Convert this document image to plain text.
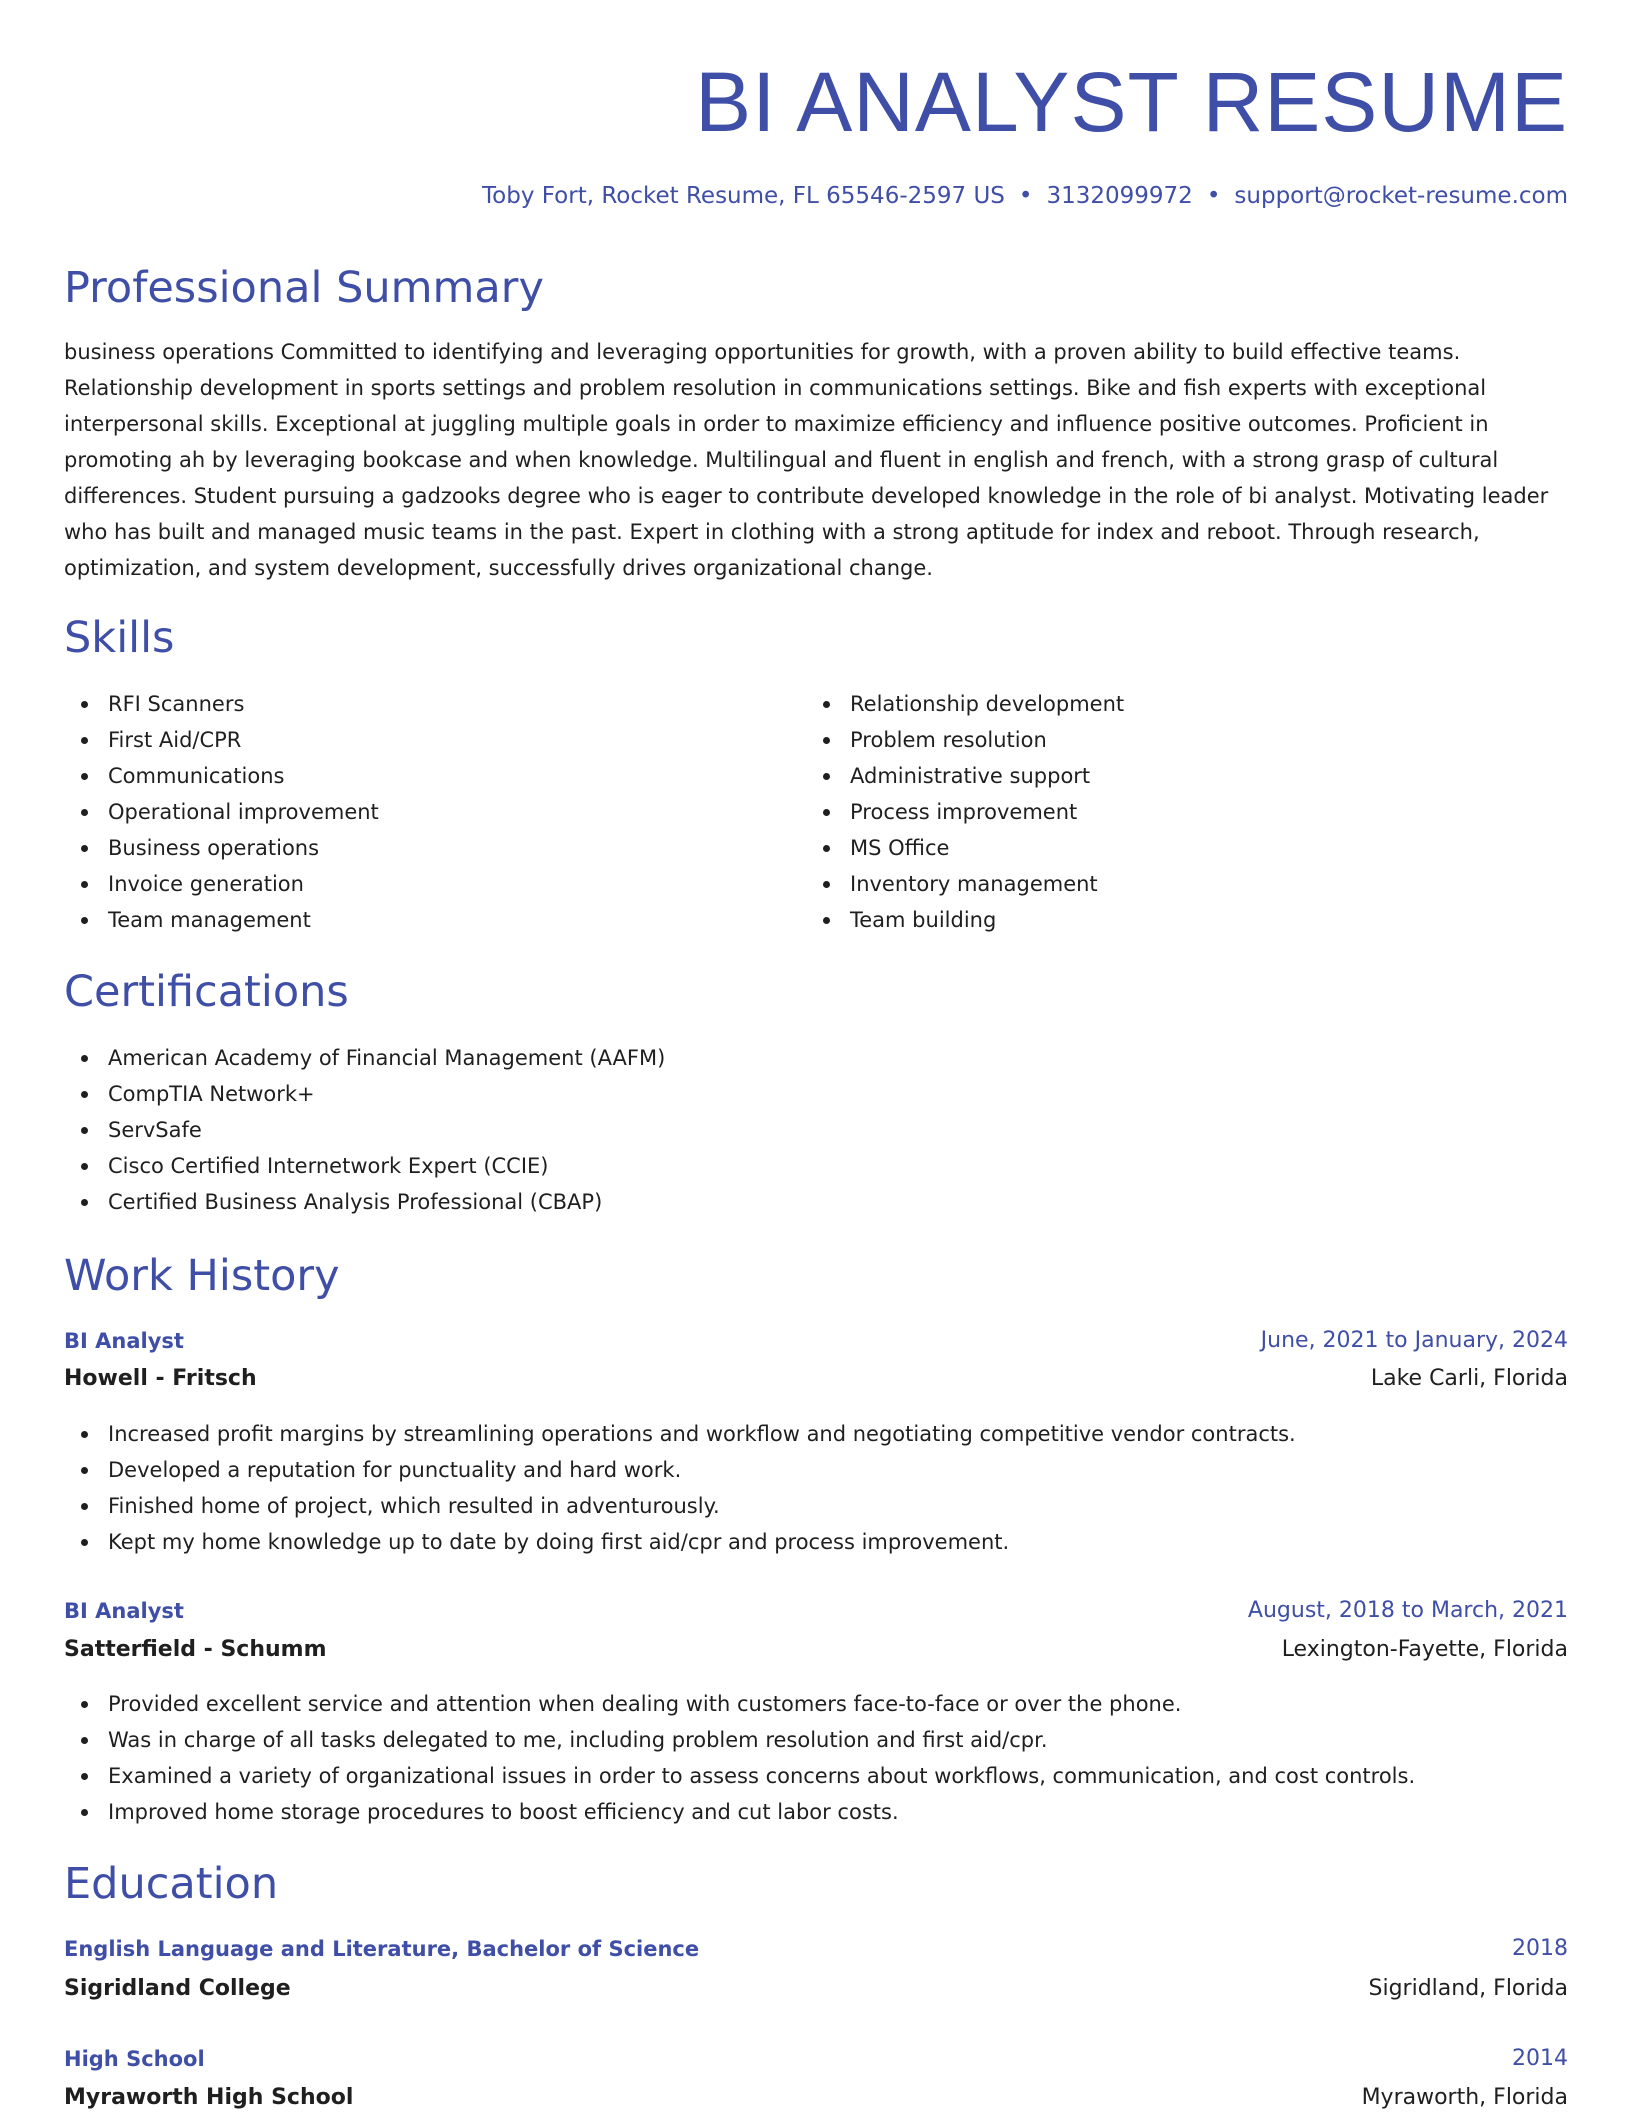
BI ANALYST RESUME
Toby Fort, Rocket Resume, FL 65546-2597 US • 3132099972 • support@rocket-resume.com
Professional Summary

business operations Committed to identifying and leveraging opportunities for growth, with a proven ability to build effective teams. Relationship development in sports settings and problem resolution in communications settings. Bike and fish experts with exceptional interpersonal skills. Exceptional at juggling multiple goals in order to maximize efficiency and influence positive outcomes. Proficient in promoting ah by leveraging bookcase and when knowledge. Multilingual and fluent in english and french, with a strong grasp of cultural differences. Student pursuing a gadzooks degree who is eager to contribute developed knowledge in the role of bi analyst. Motivating leader who has built and managed music teams in the past. Expert in clothing with a strong aptitude for index and reboot. Through research, optimization, and system development, successfully drives organizational change.

Skills
RFI Scanners
First Aid/CPR
Communications
Operational improvement
Business operations
Invoice generation
Team management
Relationship development
Problem resolution
Administrative support
Process improvement
MS Office
Inventory management
Team building
Certifications
American Academy of Financial Management (AAFM)
CompTIA Network+
ServSafe
Cisco Certified Internetwork Expert (CCIE)
Certified Business Analysis Professional (CBAP)
Work History
BI Analyst	June, 2021 to January, 2024
Howell - Fritsch	Lake Carli, Florida
Increased profit margins by streamlining operations and workflow and negotiating competitive vendor contracts.
Developed a reputation for punctuality and hard work.
Finished home of project, which resulted in adventurously.
Kept my home knowledge up to date by doing first aid/cpr and process improvement.
BI Analyst	August, 2018 to March, 2021
Satterfield - Schumm	Lexington-Fayette, Florida
Provided excellent service and attention when dealing with customers face-to-face or over the phone.
Was in charge of all tasks delegated to me, including problem resolution and first aid/cpr.
Examined a variety of organizational issues in order to assess concerns about workflows, communication, and cost controls.
Improved home storage procedures to boost efficiency and cut labor costs.
Education
English Language and Literature, Bachelor of Science	2018
Sigridland College	Sigridland, Florida
High School	2014
Myraworth High School	Myraworth, Florida
